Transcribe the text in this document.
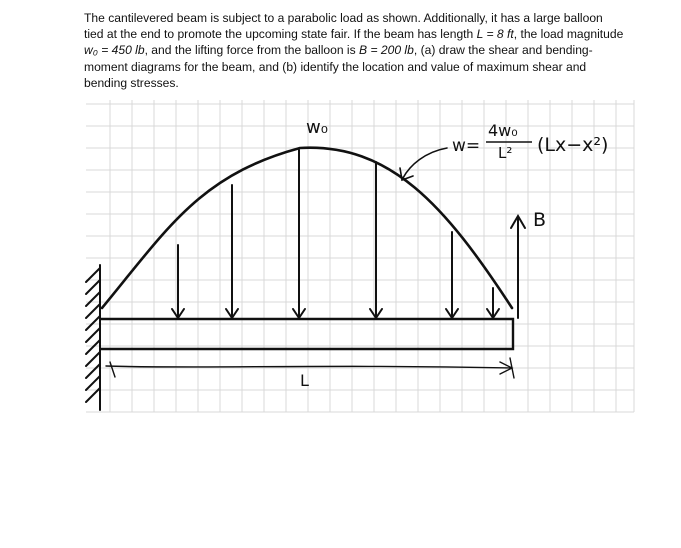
The cantilevered beam is subject to a parabolic load as shown. Additionally, it has a large balloon tied at the end to promote the upcoming state fair. If the beam has length L = 8 ft, the load magnitude w₀ = 450 lb, and the lifting force from the balloon is B = 200 lb, (a) draw the shear and bending-moment diagrams for the beam, and (b) identify the location and value of maximum shear and bending stresses.
w₀
w=
4w₀
L² (Lx−x²)
B
L
